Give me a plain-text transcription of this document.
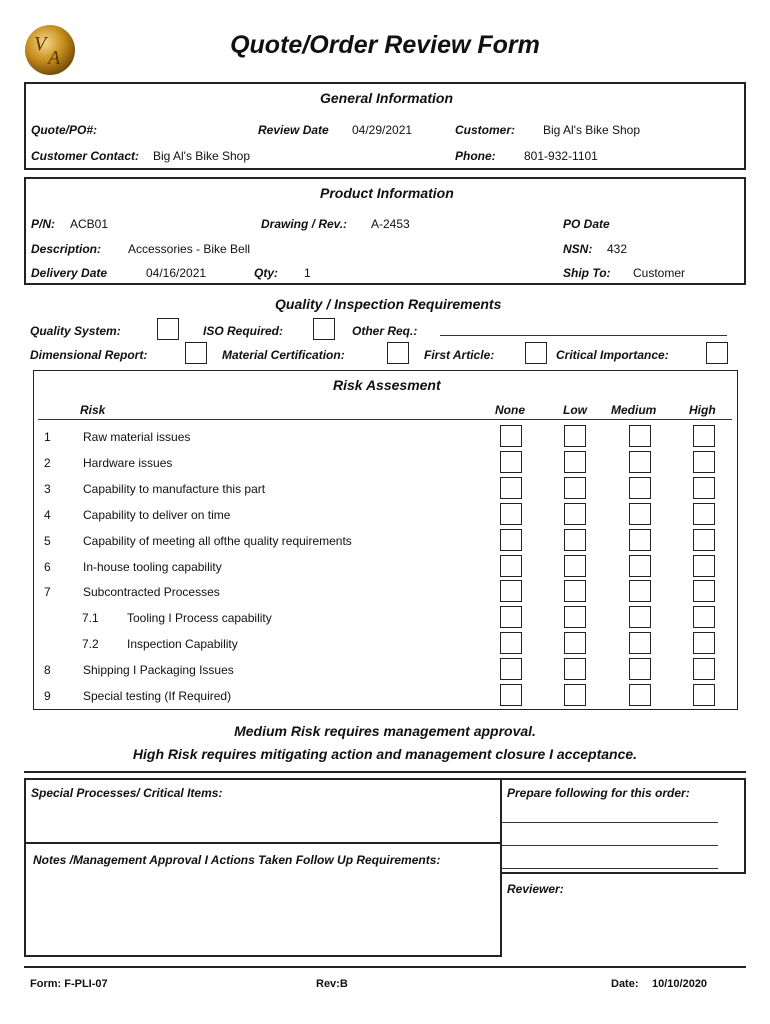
V
A	Quote/Order Review Form
General Information
Quote/PO#:	Review Date 04/29/2021	Customer: Big Al's Bike Shop
Customer Contact: Big Al's Bike Shop	Phone: 801-932-1101
Product Information
P/N: ACB01	Drawing / Rev.: A-2453	PO Date
Description: Accessories - Bike Bell	NSN: 432
Delivery Date	04/16/2021	Qty: 1	Ship To: Customer
Quality / Inspection Requirements
Quality System:	ISO Required:	Other Req.:
Dimensional Report:	Material Certification:	First Article:	Critical Importance:
Risk Assesment
Risk	None	Low Medium	High
1	Raw material issues
2	Hardware issues
3	Capability to manufacture this part
4	Capability to deliver on time
5	Capability of meeting all ofthe quality requirements
6	In-house tooling capability
7	Subcontracted Processes
7.1 Tooling I Process capability
7.2 Inspection Capability
8	Shipping I Packaging Issues
9	Special testing (If Required)
Medium Risk requires management approval.
High Risk requires mitigating action and management closure I acceptance.
Special Processes/ Critical Items:
Notes /Management Approval I Actions Taken Follow Up Requirements:
Prepare following for this order:
Reviewer:
Form: F-PLI-07	Rev:B	Date: 10/10/2020
